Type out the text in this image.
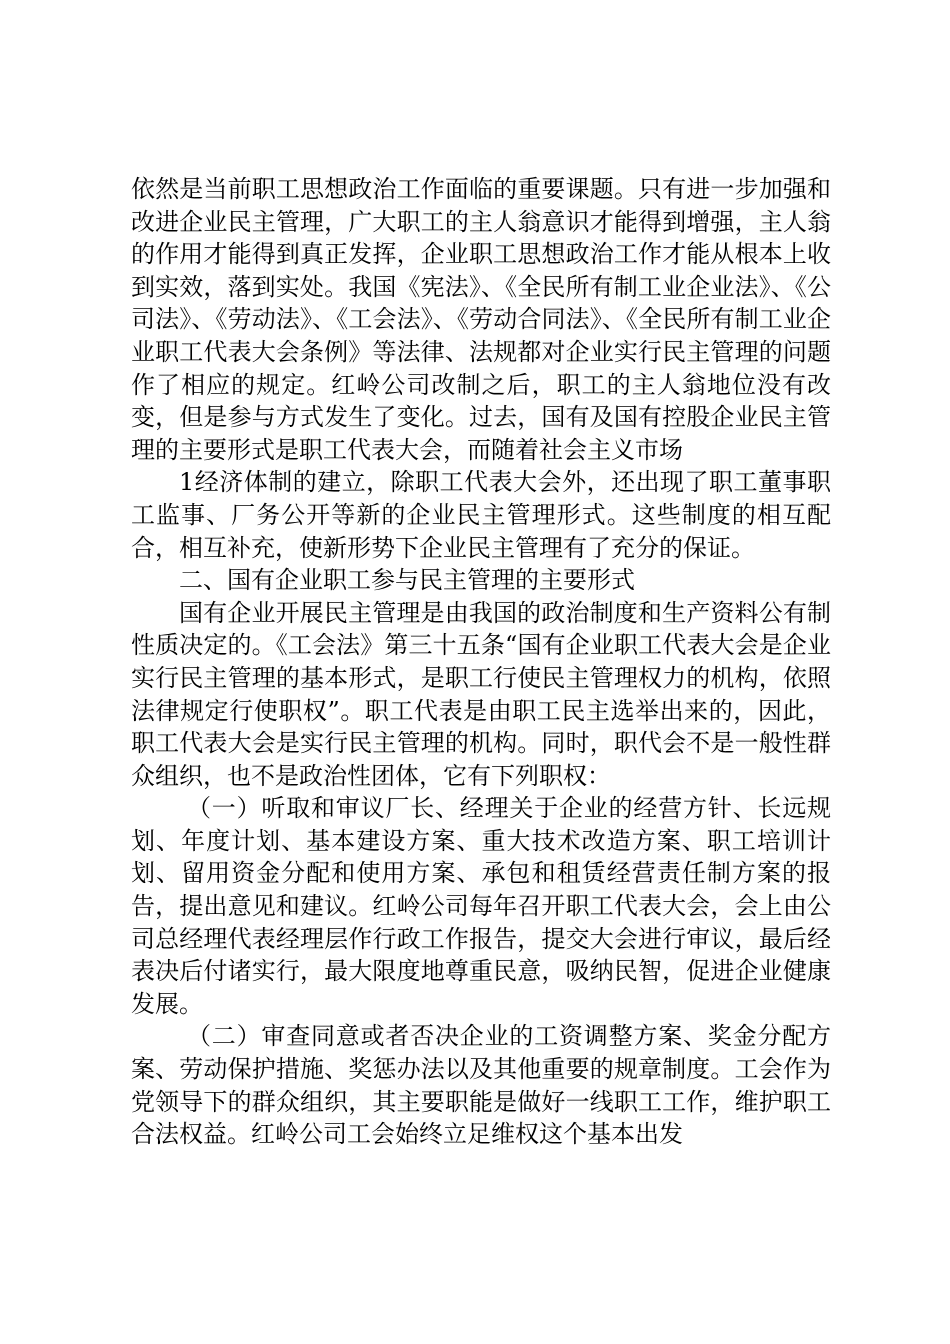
依然是当前职工思想政治工作面临的重要课题。只有进一步加强和改进企业民主管理，广大职工的主人翁意识才能得到增强，主人翁的作用才能得到真正发挥，企业职工思想政治工作才能从根本上收到实效，落到实处。我国《宪法》、《全民所有制工业企业法》、《公司法》、《劳动法》、《工会法》、《劳动合同法》、《全民所有制工业企业职工代表大会条例》等法律、法规都对企业实行民主管理的问题作了相应的规定。红岭公司改制之后，职工的主人翁地位没有改变，但是参与方式发生了变化。过去，国有及国有控股企业民主管理的主要形式是职工代表大会，而随着社会主义市场

1经济体制的建立，除职工代表大会外，还出现了职工董事职工监事、厂务公开等新的企业民主管理形式。这些制度的相互配合，相互补充，使新形势下企业民主管理有了充分的保证。

二、国有企业职工参与民主管理的主要形式

国有企业开展民主管理是由我国的政治制度和生产资料公有制性质决定的。《工会法》第三十五条“国有企业职工代表大会是企业实行民主管理的基本形式，是职工行使民主管理权力的机构，依照法律规定行使职权”。职工代表是由职工民主选举出来的，因此，职工代表大会是实行民主管理的机构。同时，职代会不是一般性群众组织，也不是政治性团体，它有下列职权：

（一）听取和审议厂长、经理关于企业的经营方针、长远规划、年度计划、基本建设方案、重大技术改造方案、职工培训计划、留用资金分配和使用方案、承包和租赁经营责任制方案的报告，提出意见和建议。红岭公司每年召开职工代表大会，会上由公司总经理代表经理层作行政工作报告，提交大会进行审议，最后经表决后付诸实行，最大限度地尊重民意，吸纳民智，促进企业健康发展。

（二）审查同意或者否决企业的工资调整方案、奖金分配方案、劳动保护措施、奖惩办法以及其他重要的规章制度。工会作为党领导下的群众组织，其主要职能是做好一线职工工作，维护职工合法权益。红岭公司工会始终立足维权这个基本出发
